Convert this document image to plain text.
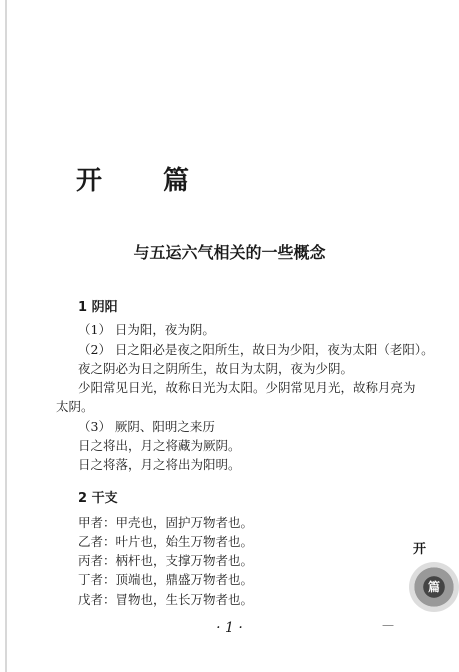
开 篇
与五运六气相关的一些概念
1 阴阳
（1） 日为阳，夜为阴。
（2） 日之阳必是夜之阳所生，故日为少阳，夜为太阳（老阳）。
夜之阴必为日之阴所生，故日为太阴，夜为少阴。
少阳常见日光，故称日光为太阳。少阴常见月光，故称月亮为
太阴。
（3） 厥阴、阳明之来历
日之将出，月之将藏为厥阴。
日之将落，月之将出为阳明。
2 干支
甲者：甲壳也，固护万物者也。
乙者：叶片也，始生万物者也。
丙者：柄杆也，支撑万物者也。
丁者：顶端也，鼎盛万物者也。
戊者：冒物也，生长万物者也。
开
篇
· 1 ·	—
